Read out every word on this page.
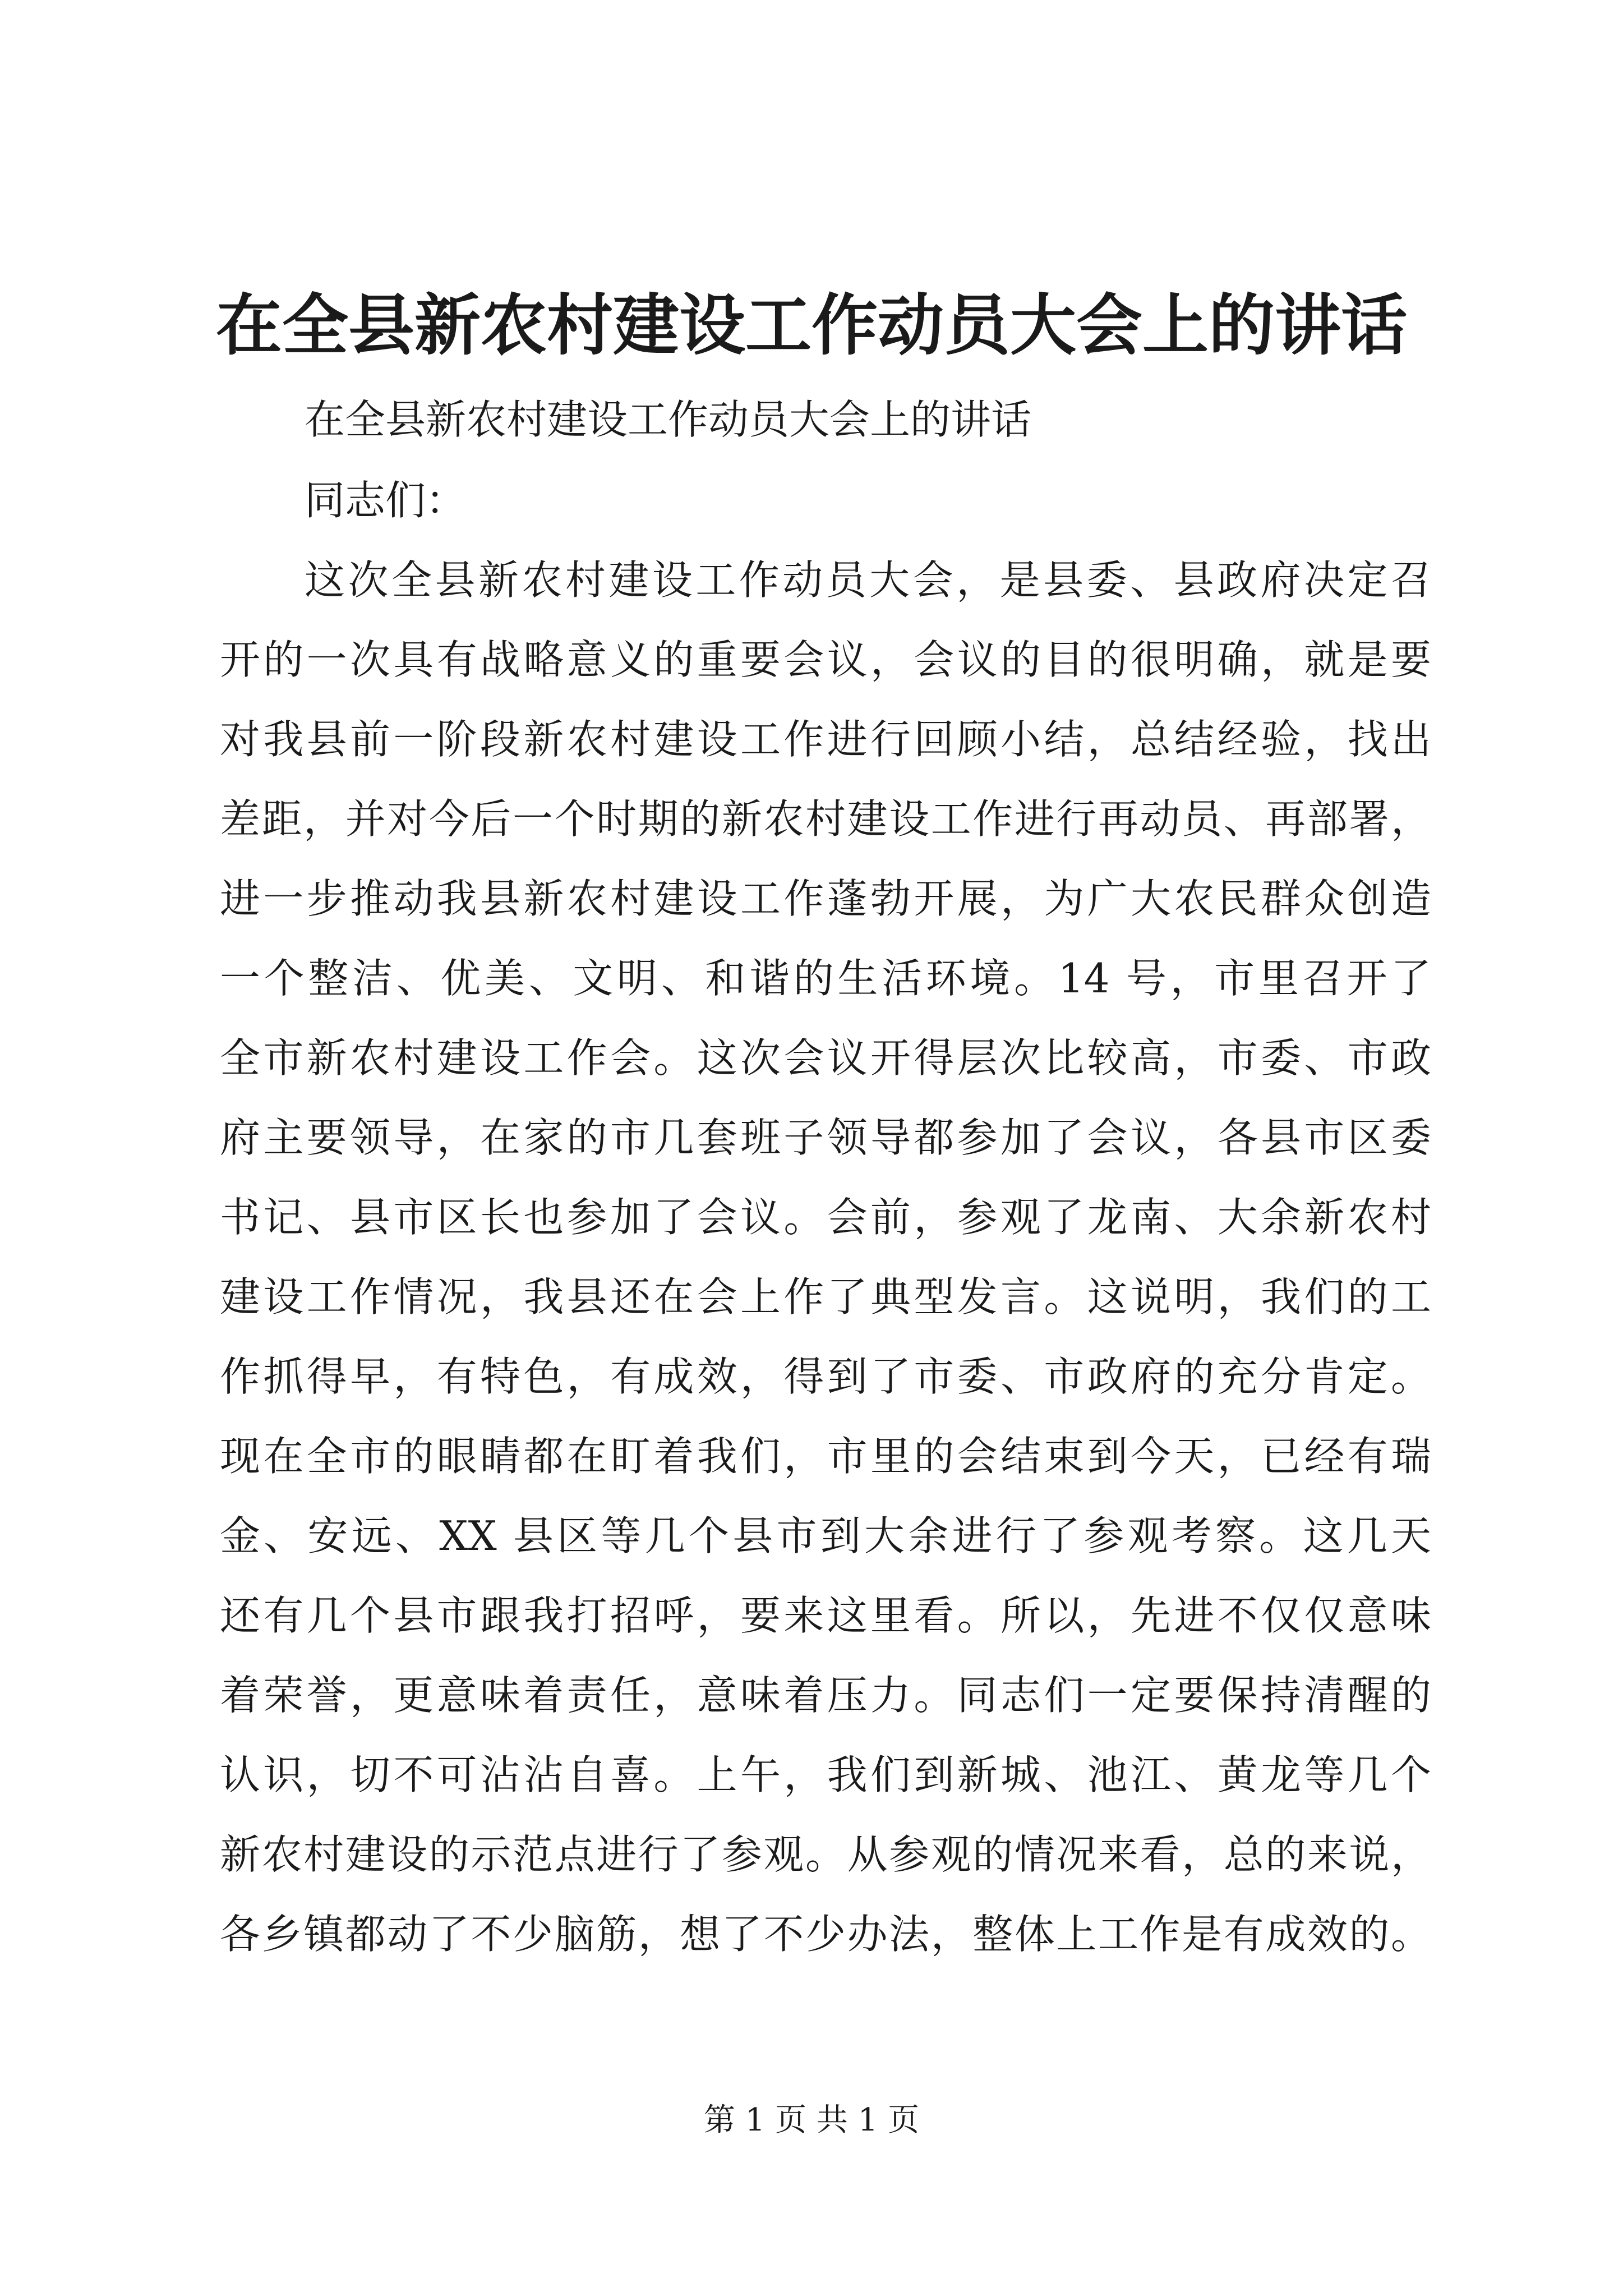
在全县新农村建设工作动员大会上的讲话

在全县新农村建设工作动员大会上的讲话

同志们：

这次全县新农村建设工作动员大会，是县委、县政府决定召

开的一次具有战略意义的重要会议，会议的目的很明确，就是要

对我县前一阶段新农村建设工作进行回顾小结，总结经验，找出

差距，并对今后一个时期的新农村建设工作进行再动员、再部署，

进一步推动我县新农村建设工作蓬勃开展，为广大农民群众创造

一个整洁、优美、文明、和谐的生活环境。14 号，市里召开了

全市新农村建设工作会。这次会议开得层次比较高，市委、市政

府主要领导，在家的市几套班子领导都参加了会议，各县市区委

书记、县市区长也参加了会议。会前，参观了龙南、大余新农村

建设工作情况，我县还在会上作了典型发言。这说明，我们的工

作抓得早，有特色，有成效，得到了市委、市政府的充分肯定。

现在全市的眼睛都在盯着我们，市里的会结束到今天，已经有瑞

金、安远、XX 县区等几个县市到大余进行了参观考察。这几天

还有几个县市跟我打招呼，要来这里看。所以，先进不仅仅意味

着荣誉，更意味着责任，意味着压力。同志们一定要保持清醒的

认识，切不可沾沾自喜。上午，我们到新城、池江、黄龙等几个

新农村建设的示范点进行了参观。从参观的情况来看，总的来说，

各乡镇都动了不少脑筋，想了不少办法，整体上工作是有成效的。

第 1 页 共 1 页
